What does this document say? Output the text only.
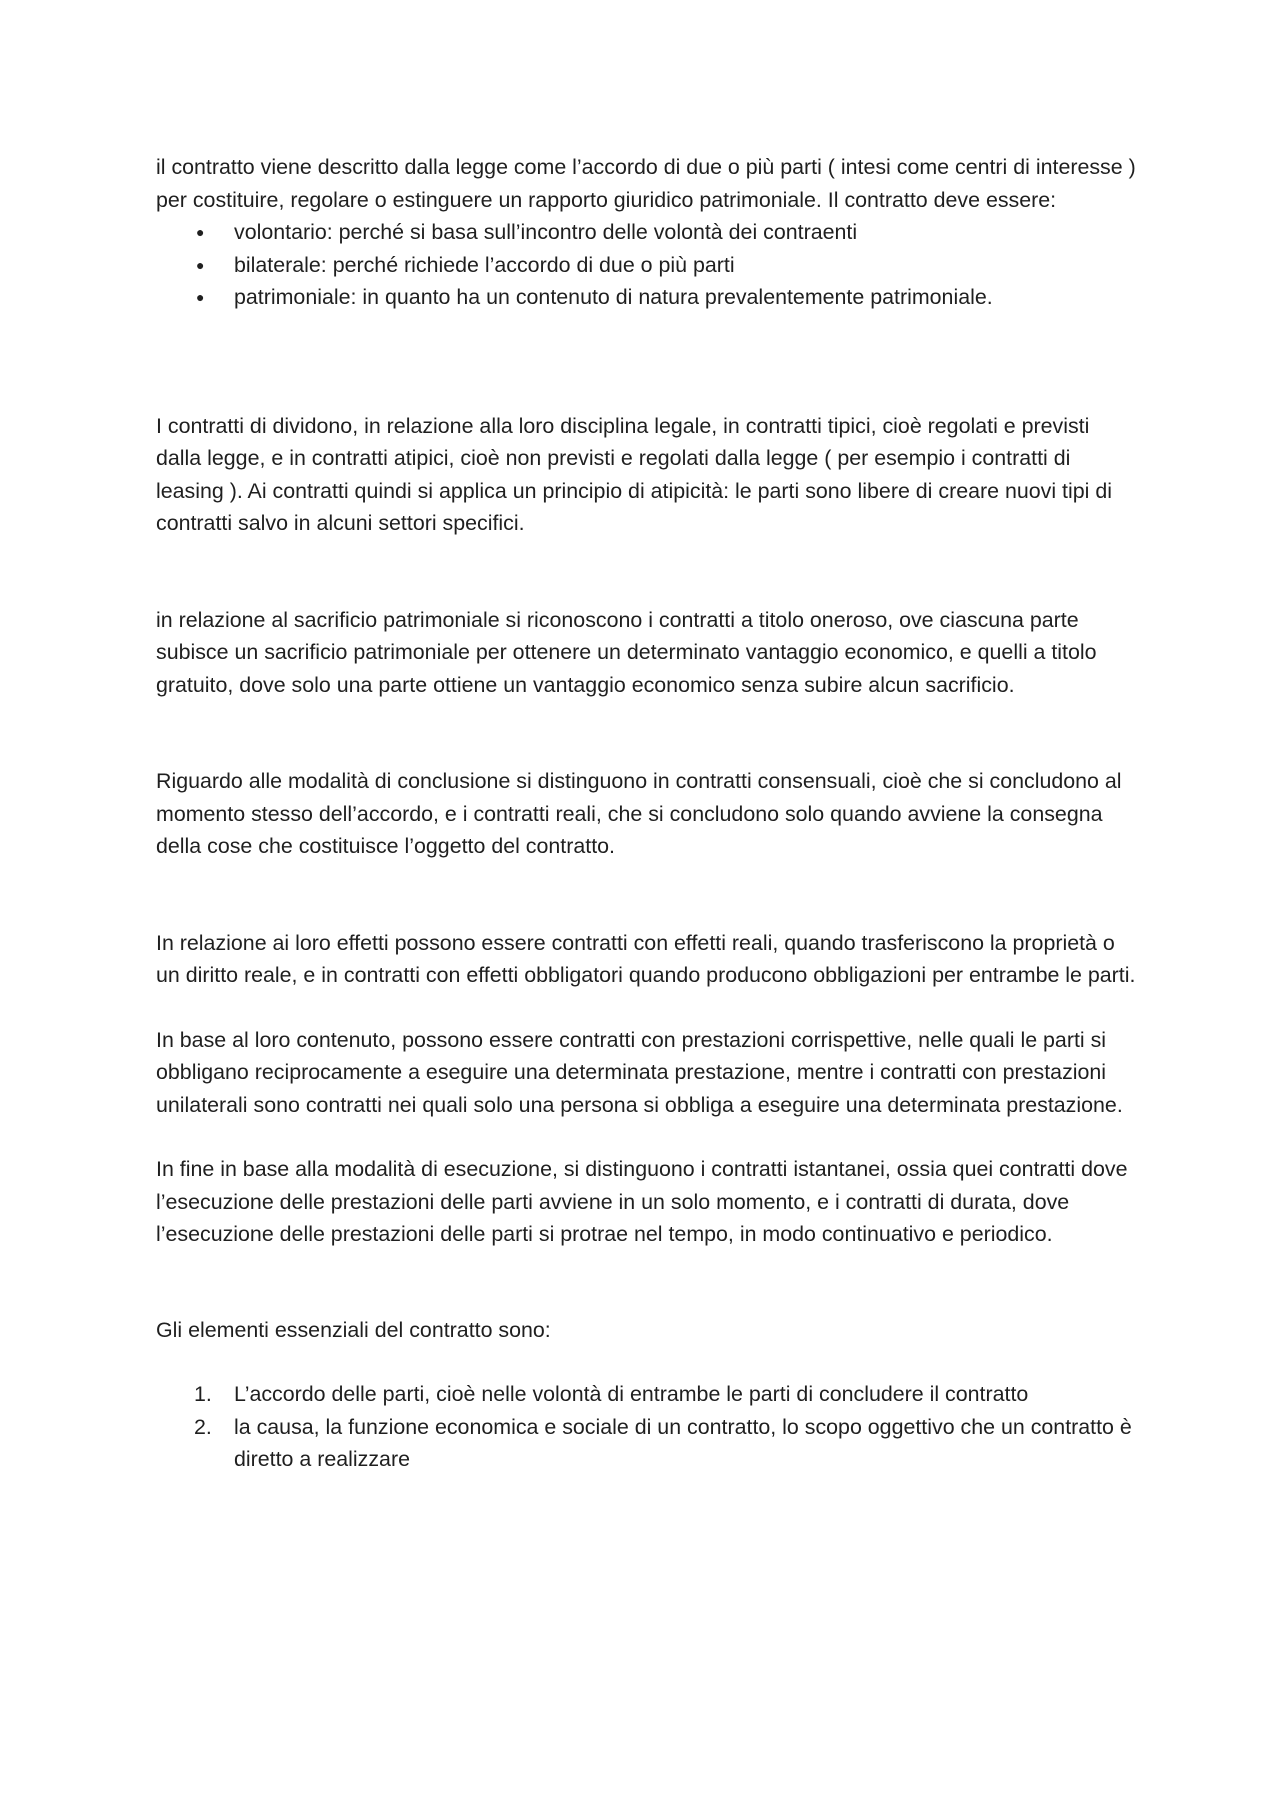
il contratto viene descritto dalla legge come l’accordo di due o più parti ( intesi come centri di interesse ) per costituire, regolare o estinguere un rapporto giuridico patrimoniale. Il contratto deve essere:

●	volontario: perché si basa sull’incontro delle volontà dei contraenti
●	bilaterale: perché richiede l’accordo di due o più parti
●	patrimoniale: in quanto ha un contenuto di natura prevalentemente patrimoniale.

I contratti di dividono, in relazione alla loro disciplina legale, in contratti tipici, cioè regolati e previsti dalla legge, e in contratti atipici, cioè non previsti e regolati dalla legge ( per esempio i contratti di leasing ). Ai contratti quindi si applica un principio di atipicità: le parti sono libere di creare nuovi tipi di contratti salvo in alcuni settori specifici.

in relazione al sacrificio patrimoniale si riconoscono i contratti a titolo oneroso, ove ciascuna parte subisce un sacrificio patrimoniale per ottenere un determinato vantaggio economico, e quelli a titolo gratuito, dove solo una parte ottiene un vantaggio economico senza subire alcun sacrificio.

Riguardo alle modalità di conclusione si distinguono in contratti consensuali, cioè che si concludono al momento stesso dell’accordo, e i contratti reali, che si concludono solo quando avviene la consegna della cose che costituisce l’oggetto del contratto.

In relazione ai loro effetti possono essere contratti con effetti reali, quando trasferiscono la proprietà o un diritto reale, e in contratti con effetti obbligatori quando producono obbligazioni per entrambe le parti.

In base al loro contenuto, possono essere contratti con prestazioni corrispettive, nelle quali le parti si obbligano reciprocamente a eseguire una determinata prestazione, mentre i contratti con prestazioni unilaterali sono contratti nei quali solo una persona si obbliga a eseguire una determinata prestazione.

In fine in base alla modalità di esecuzione, si distinguono i contratti istantanei, ossia quei contratti dove l’esecuzione delle prestazioni delle parti avviene in un solo momento, e i contratti di durata, dove l’esecuzione delle prestazioni delle parti si protrae nel tempo, in modo continuativo e periodico.

Gli elementi essenziali del contratto sono:

1.	L’accordo delle parti, cioè nelle volontà di entrambe le parti di concludere il contratto
2.	la causa, la funzione economica e sociale di un contratto, lo scopo oggettivo che un contratto è diretto a realizzare
